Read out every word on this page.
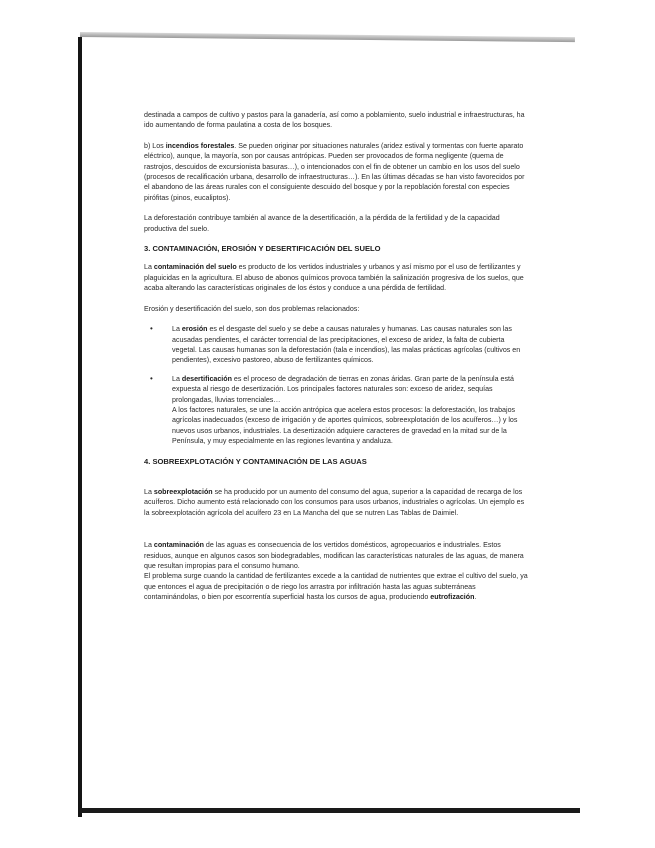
destinada a campos de cultivo y pastos para la ganadería, así como a poblamiento, suelo industrial e infraestructuras, ha ido aumentando de forma paulatina a costa de los bosques.

b) Los incendios forestales. Se pueden originar por situaciones naturales (aridez estival y tormentas con fuerte aparato eléctrico), aunque, la mayoría, son por causas antrópicas. Pueden ser provocados de forma negligente (quema de rastrojos, descuidos de excursionista basuras…), o intencionados con el fin de obtener un cambio en los usos del suelo (procesos de recalificación urbana, desarrollo de infraestructuras…). En las últimas décadas se han visto favorecidos por el abandono de las áreas rurales con el consiguiente descuido del bosque y por la repoblación forestal con especies pirófitas (pinos, eucaliptos).

La deforestación contribuye también al avance de la desertificación, a la pérdida de la fertilidad y de la capacidad productiva del suelo.

3. CONTAMINACIÓN, EROSIÓN Y DESERTIFICACIÓN DEL SUELO

La contaminación del suelo es producto de los vertidos industriales y urbanos y así mismo por el uso de fertilizantes y plaguicidas en la agricultura. El abuso de abonos químicos provoca también la salinización progresiva de los suelos, que acaba alterando las características originales de los éstos y conduce a una pérdida de fertilidad.

Erosión y desertificación del suelo, son dos problemas relacionados:

•	La erosión es el desgaste del suelo y se debe a causas naturales y humanas. Las causas naturales son las acusadas pendientes, el carácter torrencial de las precipitaciones, el exceso de aridez, la falta de cubierta vegetal. Las causas humanas son la deforestación (tala e incendios), las malas prácticas agrícolas (cultivos en pendientes), excesivo pastoreo, abuso de fertilizantes químicos.
•	La desertificación es el proceso de degradación de tierras en zonas áridas. Gran parte de la península está expuesta al riesgo de desertización. Los principales factores naturales son: exceso de aridez, sequías prolongadas, lluvias torrenciales…
A los factores naturales, se une la acción antrópica que acelera estos procesos: la deforestación, los trabajos agrícolas inadecuados (exceso de irrigación y de aportes químicos, sobreexplotación de los acuíferos…) y los nuevos usos urbanos, industriales. La desertización adquiere caracteres de gravedad en la mitad sur de la Península, y muy especialmente en las regiones levantina y andaluza.
4. SOBREEXPLOTACIÓN Y CONTAMINACIÓN DE LAS AGUAS

La sobreexplotación se ha producido por un aumento del consumo del agua, superior a la capacidad de recarga de los acuíferos. Dicho aumento está relacionado con los consumos para usos urbanos, industriales o agrícolas. Un ejemplo es la sobreexplotación agrícola del acuífero 23 en La Mancha del que se nutren Las Tablas de Daimiel.

La contaminación de las aguas es consecuencia de los vertidos domésticos, agropecuarios e industriales. Estos residuos, aunque en algunos casos son biodegradables, modifican las características naturales de las aguas, de manera que resultan impropias para el consumo humano.

El problema surge cuando la cantidad de fertilizantes excede a la cantidad de nutrientes que extrae el cultivo del suelo, ya que entonces el agua de precipitación o de riego los arrastra por infiltración hasta las aguas subterráneas contaminándolas, o bien por escorrentía superficial hasta los cursos de agua, produciendo eutrofización.
